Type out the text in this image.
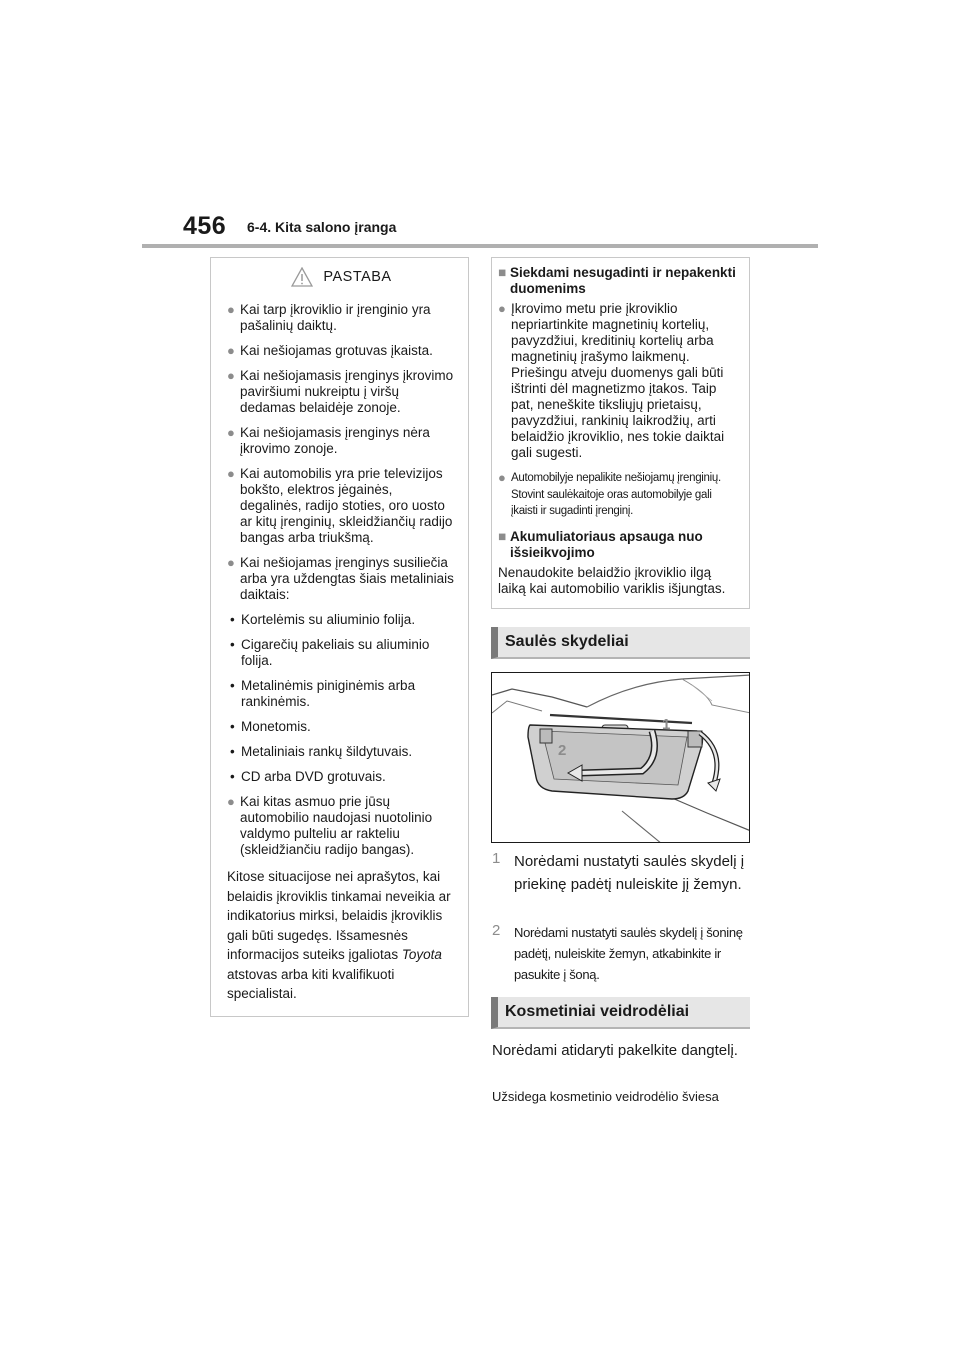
456 6-4. Kita salono įranga
PASTABA
● Kai tarp įkroviklio ir įrenginio yra pašalinių daiktų.
● Kai nešiojamas grotuvas įkaista.
● Kai nešiojamasis įrenginys įkrovimo paviršiumi nukreiptu į viršų dedamas belaidėje zonoje.
● Kai nešiojamasis įrenginys nėra įkrovimo zonoje.
● Kai automobilis yra prie televizijos bokšto, elektros jėgainės, degalinės, radijo stoties, oro uosto ar kitų įrenginių, skleidžiančių radijo bangas arba triukšmą.
● Kai nešiojamas įrenginys susiliečia arba yra uždengtas šiais metaliniais daiktais:
• Kortelėmis su aliuminio folija.
• Cigarečių pakeliais su aliuminio folija.
• Metalinėmis piniginėmis arba rankinėmis.
• Monetomis.
• Metaliniais rankų šildytuvais.
• CD arba DVD grotuvais.
● Kai kitas asmuo prie jūsų automobilio naudojasi nuotolinio valdymo pulteliu ar rakteliu (skleidžiančiu radijo bangas).

Kitose situacijose nei aprašytos, kai belaidis įkroviklis tinkamai neveikia ar indikatorius mirksi, belaidis įkroviklis gali būti sugedęs. Išsamesnės informacijos suteiks įgaliotas Toyota atstovas arba kiti kvalifikuoti specialistai.

■ Siekdami nesugadinti ir nepakenkti duomenims
● Įkrovimo metu prie įkroviklio nepriartinkite magnetinių kortelių, pavyzdžiui, kreditinių kortelių arba magnetinių įrašymo laikmenų. Priešingu atveju duomenys gali būti ištrinti dėl magnetizmo įtakos. Taip pat, neneškite tiksliųjų prietaisų, pavyzdžiui, rankinių laikrodžių, arti belaidžio įkroviklio, nes tokie daiktai gali sugesti.
● Automobilyje nepalikite nešiojamų įrenginių. Stovint saulėkaitoje oras automobilyje gali įkaisti ir sugadinti įrenginį.
■ Akumuliatoriaus apsauga nuo išsieikvojimo
Nenaudokite belaidžio įkroviklio ilgą laiką kai automobilio variklis išjungtas.
Saulės skydeliai
1
2
1 Norėdami nustatyti saulės skydelį į priekinę padėtį nuleiskite jį žemyn.
2	Norėdami nustatyti saulės skydelį į šoninę padėtį, nuleiskite žemyn, atkabinkite ir pasukite į šoną.
Kosmetiniai veidrodėliai
Norėdami atidaryti pakelkite dangtelį.
Užsidega kosmetinio veidrodėlio šviesa
